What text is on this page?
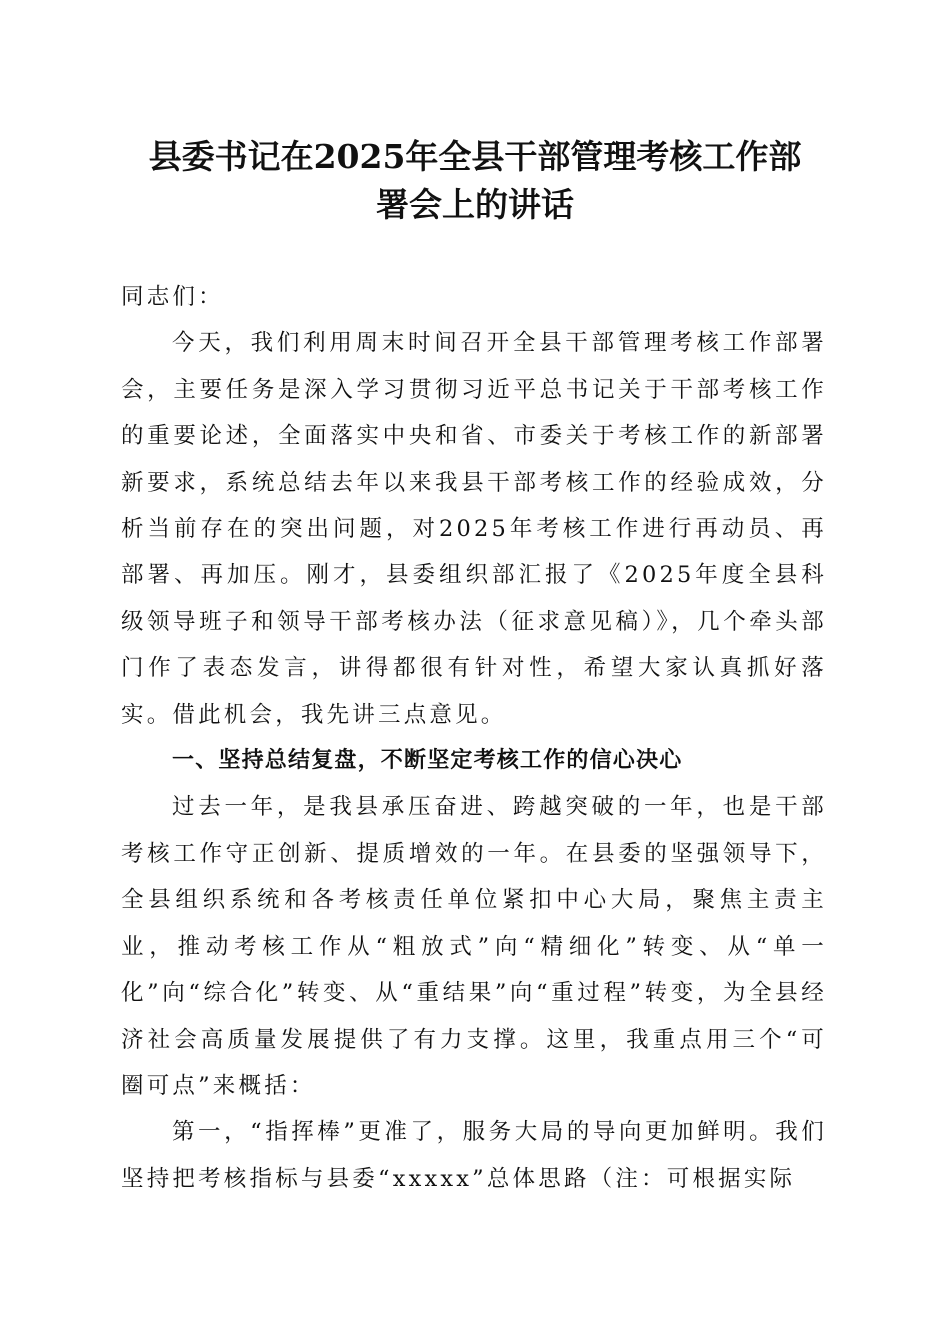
县委书记在2025年全县干部管理考核工作部
署会上的讲话

同志们：

今天，我们利用周末时间召开全县干部管理考核工作部署会，主要任务是深入学习贯彻习近平总书记关于干部考核工作的重要论述，全面落实中央和省、市委关于考核工作的新部署新要求，系统总结去年以来我县干部考核工作的经验成效，分析当前存在的突出问题，对2025年考核工作进行再动员、再部署、再加压。刚才，县委组织部汇报了《2025年度全县科级领导班子和领导干部考核办法（征求意见稿）》，几个牵头部门作了表态发言，讲得都很有针对性，希望大家认真抓好落实。借此机会，我先讲三点意见。

一、坚持总结复盘，不断坚定考核工作的信心决心

过去一年，是我县承压奋进、跨越突破的一年，也是干部考核工作守正创新、提质增效的一年。在县委的坚强领导下，全县组织系统和各考核责任单位紧扣中心大局，聚焦主责主业，推动考核工作从“粗放式”向“精细化”转变、从“单一化”向“综合化”转变、从“重结果”向“重过程”转变，为全县经济社会高质量发展提供了有力支撑。这里，我重点用三个“可圈可点”来概括：

第一，“指挥棒”更准了，服务大局的导向更加鲜明。我们坚持把考核指标与县委“xxxxx”总体思路（注：可根据实际
